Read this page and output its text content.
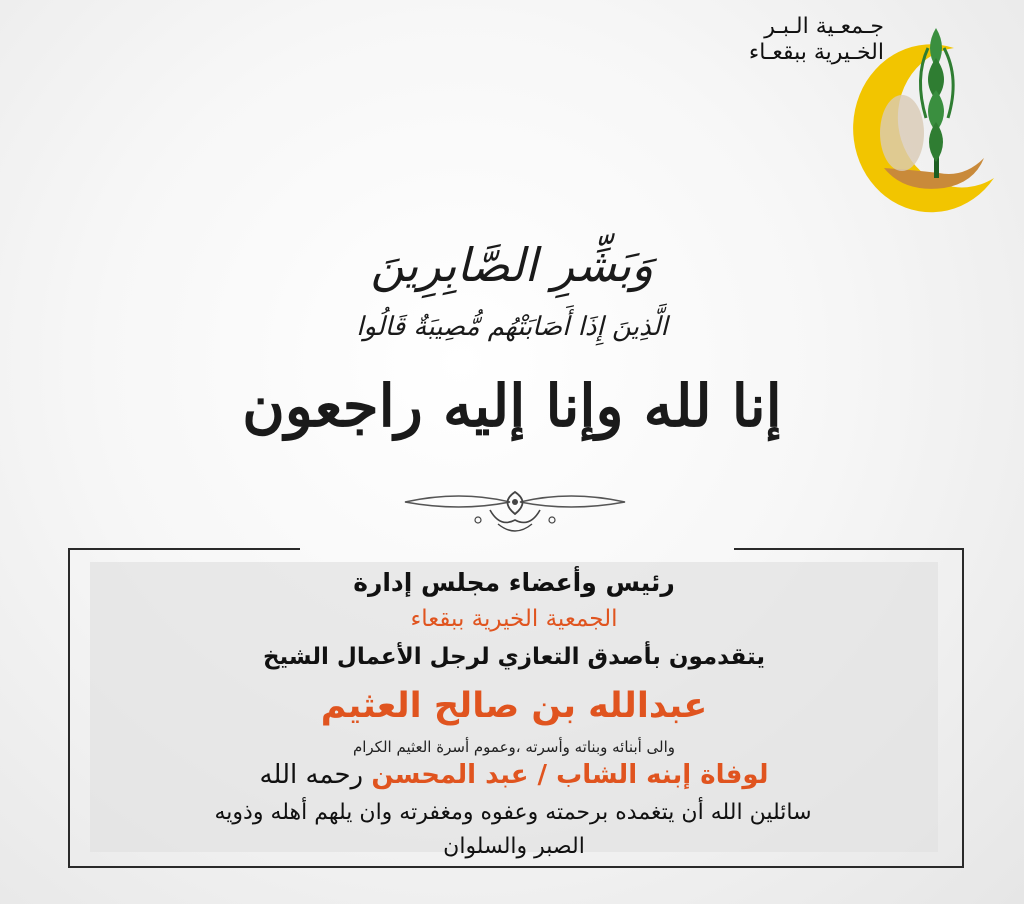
جـمعـية الـبـر
الخـيرية ببقعـاء
وَبَشِّرِ الصَّابِرِينَ
الَّذِينَ إِذَا أَصَابَتْهُم مُّصِيبَةٌ قَالُوا
إنا لله وإنا إليه راجعون
رئيس وأعضاء مجلس إدارة
الجمعية الخيرية ببقعاء
يتقدمون بأصدق التعازي لرجل الأعمال الشيخ
عبدالله بن صالح العثيم
والى أبنائه وبناته وأسرته ،وعموم أسرة العثيم الكرام
لوفاة إبنه الشاب / عبد المحسن رحمه الله
سائلين الله أن يتغمده برحمته وعفوه ومغفرته وان يلهم أهله وذويه
الصبر والسلوان
